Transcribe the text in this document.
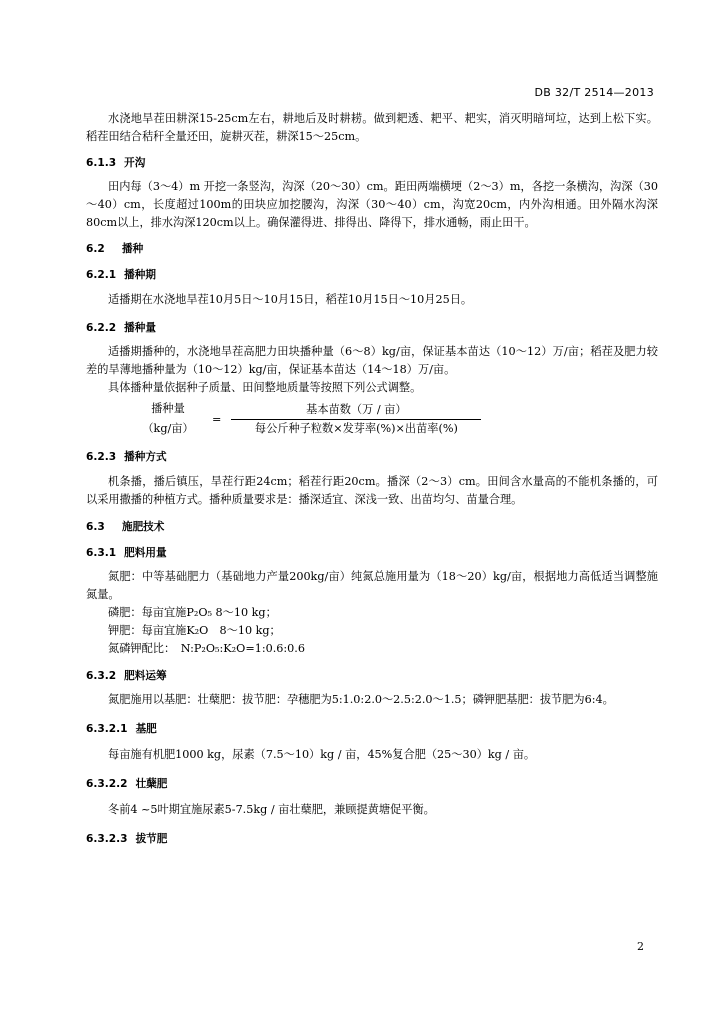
DB 32/T 2514—2013

水浇地旱茬田耕深15-25cm左右，耕地后及时耕耢。做到耙透、耙平、耙实，消灭明暗坷垃，达到上松下实。稻茬田结合秸秆全量还田，旋耕灭茬，耕深15～25cm。

6.1.3 开沟

田内每（3～4）m 开挖一条竖沟，沟深（20～30）cm。距田两端横埂（2～3）m，各挖一条横沟，沟深（30～40）cm，长度超过100m的田块应加挖腰沟，沟深（30～40）cm，沟宽20cm，内外沟相通。田外隔水沟深80cm以上，排水沟深120cm以上。确保灌得进、排得出、降得下，排水通畅，雨止田干。

6.2 播种
6.2.1 播种期

适播期在水浇地旱茬10月5日～10月15日，稻茬10月15日～10月25日。

6.2.2 播种量

适播期播种的，水浇地旱茬高肥力田块播种量（6～8）kg/亩，保证基本苗达（10～12）万/亩；稻茬及肥力较差的旱薄地播种量为（10～12）kg/亩，保证基本苗达（14～18）万/亩。

具体播种量依据种子质量、田间整地质量等按照下列公式调整。

播种量
（kg/亩）
= $\frac{\text{基本苗数（万 / 亩）}}{\text{每公斤种子粒数×发芽率(\%)×出苗率(\%)}}$
6.2.3 播种方式

机条播，播后镇压，旱茬行距24cm；稻茬行距20cm。播深（2～3）cm。田间含水量高的不能机条播的，可以采用撒播的种植方式。播种质量要求是：播深适宜、深浅一致、出苗均匀、苗量合理。

6.3 施肥技术
6.3.1 肥料用量

氮肥：中等基础肥力（基础地力产量200kg/亩）纯氮总施用量为（18～20）kg/亩，根据地力高低适当调整施氮量。

磷肥：每亩宜施P₂O₅ 8～10 kg；

钾肥：每亩宜施K₂O　8～10 kg；

氮磷钾配比：　N:P₂O₅:K₂O=1:0.6:0.6

6.3.2 肥料运筹

氮肥施用以基肥：壮蘖肥：拔节肥：孕穗肥为5:1.0:2.0～2.5:2.0～1.5；磷钾肥基肥：拔节肥为6:4。

6.3.2.1 基肥

每亩施有机肥1000 kg，尿素（7.5～10）kg / 亩，45%复合肥（25～30）kg / 亩。

6.3.2.2 壮蘖肥

冬前4 ~5叶期宜施尿素5-7.5kg / 亩壮蘖肥，兼顾提黄塘促平衡。

6.3.2.3 拔节肥
2
